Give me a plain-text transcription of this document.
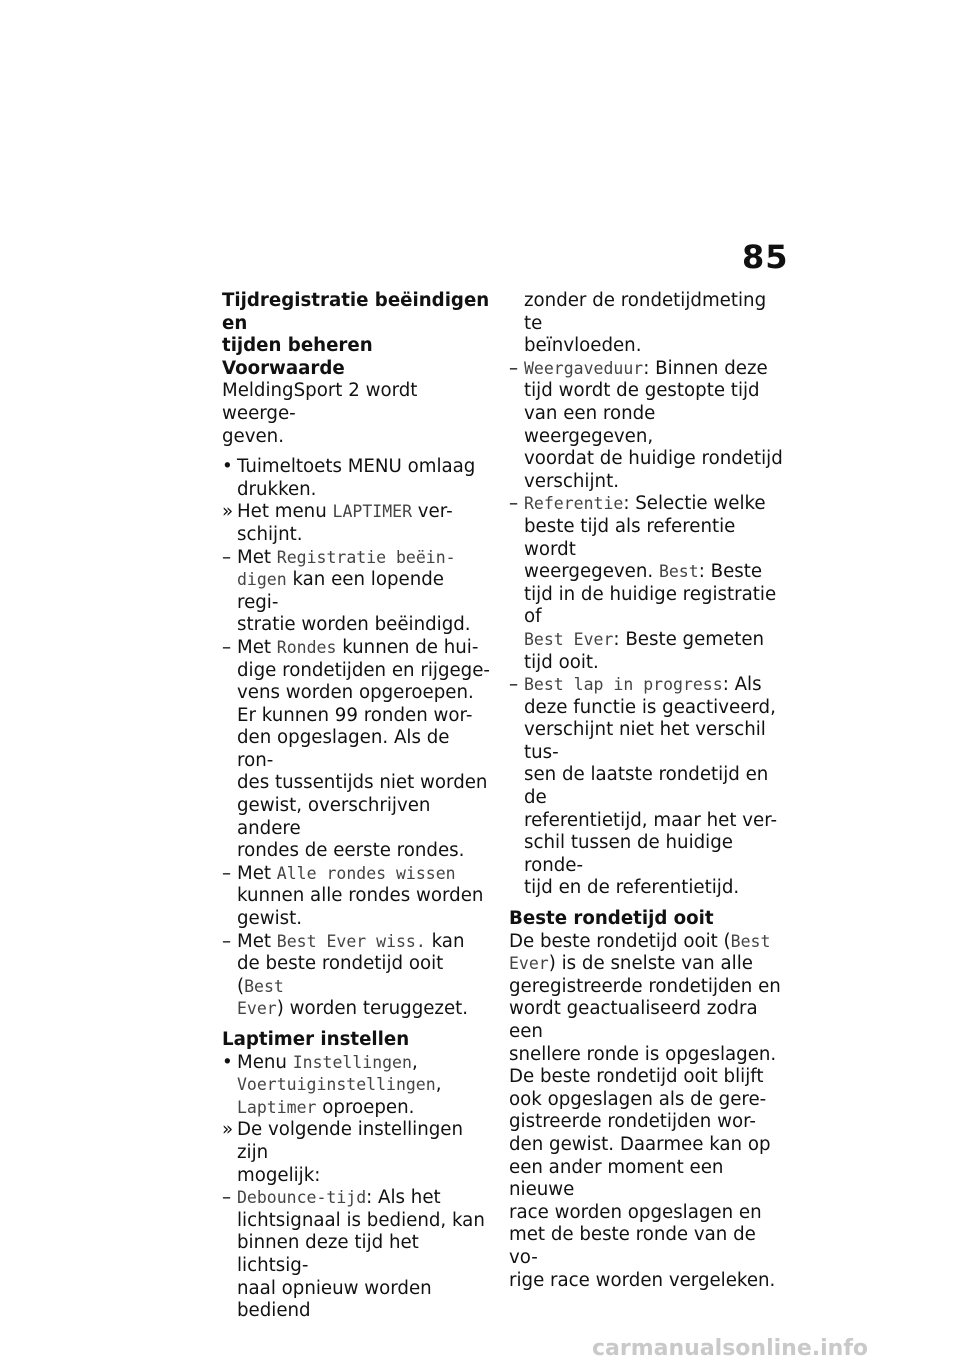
85
Tijdregistratie beëindigen en
tijden beheren
Voorwaarde
MeldingSport 2 wordt weerge-
geven.
• Tuimeltoets MENU omlaag
drukken.
» Het menu LAPTIMER ver-
schijnt.
– Met Registratie beëin-
digen kan een lopende regi-
stratie worden beëindigd.
– Met Rondes kunnen de hui-
dige rondetijden en rijgege-
vens worden opgeroepen.
Er kunnen 99 ronden wor-
den opgeslagen. Als de ron-
des tussentijds niet worden
gewist, overschrijven andere
rondes de eerste rondes.
– Met Alle rondes wissen
kunnen alle rondes worden
gewist.
– Met Best Ever wiss. kan
de beste rondetijd ooit (Best
Ever) worden teruggezet.
Laptimer instellen
• Menu Instellingen,
Voertuiginstellingen,
Laptimer oproepen.
» De volgende instellingen zijn
mogelijk:
– Debounce-tijd: Als het
lichtsignaal is bediend, kan
binnen deze tijd het lichtsig-
naal opnieuw worden bediend
zonder de rondetijdmeting te
beïnvloeden.
– Weergaveduur: Binnen deze
tijd wordt de gestopte tijd
van een ronde weergegeven,
voordat de huidige rondetijd
verschijnt.
– Referentie: Selectie welke
beste tijd als referentie wordt
weergegeven. Best: Beste
tijd in de huidige registratie of
Best Ever: Beste gemeten
tijd ooit.
– Best lap in progress: Als
deze functie is geactiveerd,
verschijnt niet het verschil tus-
sen de laatste rondetijd en de
referentietijd, maar het ver-
schil tussen de huidige ronde-
tijd en de referentietijd.
Beste rondetijd ooit
De beste rondetijd ooit (Best
Ever) is de snelste van alle
geregistreerde rondetijden en
wordt geactualiseerd zodra een
snellere ronde is opgeslagen.
De beste rondetijd ooit blijft
ook opgeslagen als de gere-
gistreerde rondetijden wor-
den gewist. Daarmee kan op
een ander moment een nieuwe
race worden opgeslagen en
met de beste ronde van de vo-
rige race worden vergeleken.
carmanualsonline.info
